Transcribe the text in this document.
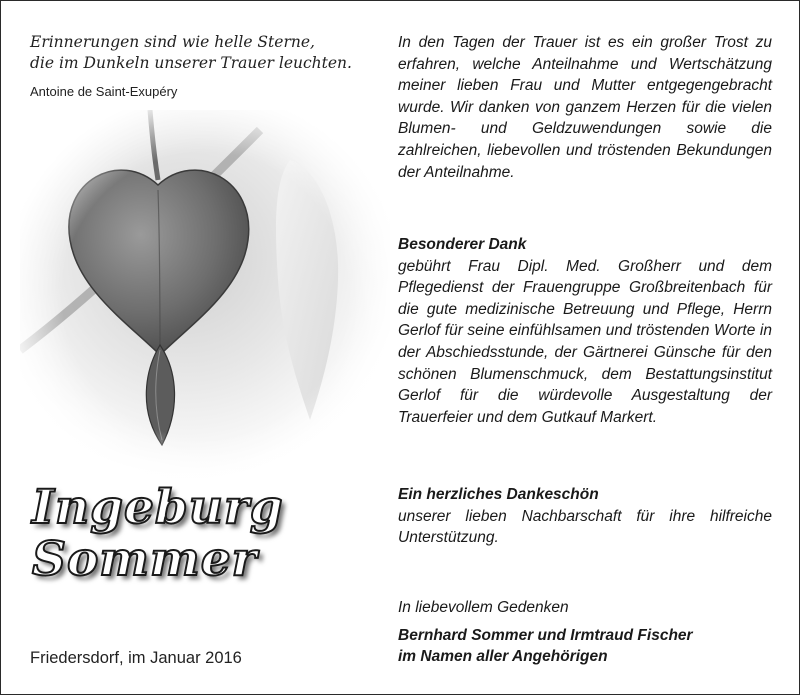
Erinnerungen sind wie helle Sterne,
die im Dunkeln unserer Trauer leuchten.
Antoine de Saint-Exupéry
Ingeburg
Sommer
Friedersdorf, im Januar 2016

In den Tagen der Trauer ist es ein großer Trost zu erfahren, welche Anteilnahme und Wertschätzung meiner lieben Frau und Mutter entgegengebracht wurde. Wir danken von ganzem Herzen für die vielen Blumen- und Geldzuwendungen sowie die zahlreichen, liebevollen und tröstenden Bekundungen der Anteilnahme.

Besonderer Dank

gebührt Frau Dipl. Med. Großherr und dem Pflegedienst der Frauengruppe Großbreitenbach für die gute medizinische Betreuung und Pflege, Herrn Gerlof für seine einfühlsamen und tröstenden Worte in der Abschiedsstunde, der Gärtnerei Günsche für den schönen Blumenschmuck, dem Bestattungsinstitut Gerlof für die würdevolle Ausgestaltung der Trauerfeier und dem Gutkauf Markert.

Ein herzliches Dankeschön

unserer lieben Nachbarschaft für ihre hilfreiche Unterstützung.

In liebevollem Gedenken
Bernhard Sommer und Irmtraud Fischer
im Namen aller Angehörigen
